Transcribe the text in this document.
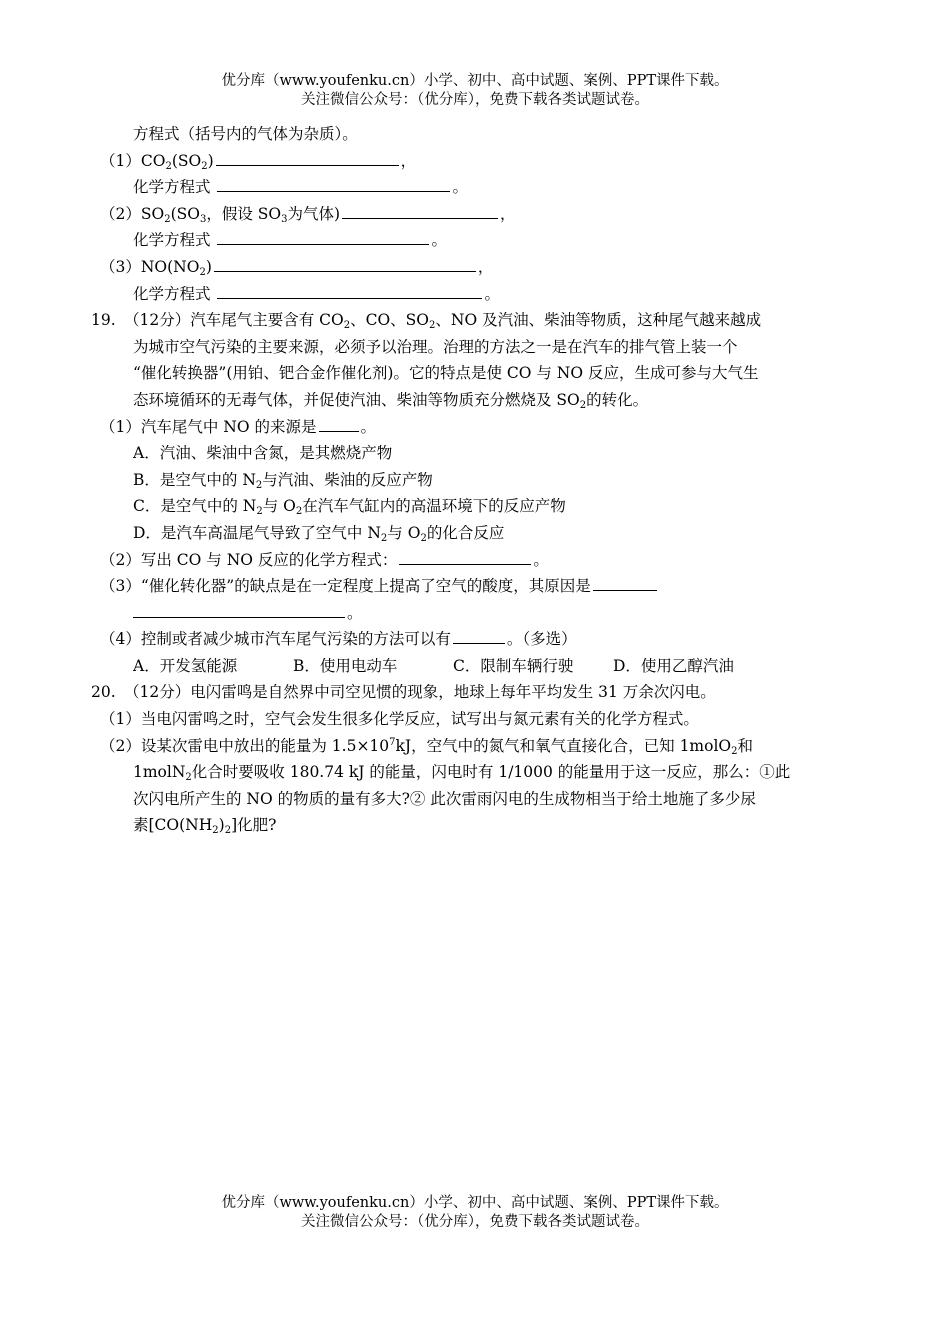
优分库（www.youfenku.cn）小学、初中、高中试题、案例、PPT课件下载。
关注微信公众号：（优分库），免费下载各类试题试卷。
方程式（括号内的气体为杂质）。
$(1)CO_2(SO_2)$	，
化学方程式	。
$(2)SO_2(SO_3$，假设 $SO_3$为气体)	，
化学方程式	。
$(3)NO(NO_2)$	，
化学方程式	。
19. （12分）汽车尾气主要含有 $CO_2$、CO、$SO_2$、NO 及汽油、柴油等物质，这种尾气越来越成
为城市空气污染的主要来源，必须予以治理。治理的方法之一是在汽车的排气管上装一个
“催化转换器”(用铂、钯合金作催化剂)。它的特点是使 CO 与 NO 反应，生成可参与大气生
态环境循环的无毒气体，并促使汽油、柴油等物质充分燃烧及 $SO_2$的转化。
（1）汽车尾气中 NO 的来源是	。
A．汽油、柴油中含氮，是其燃烧产物
B．是空气中的 $N_2$与汽油、柴油的反应产物
C．是空气中的 $N_2$与 $O_2$在汽车气缸内的高温环境下的反应产物
D．是汽车高温尾气导致了空气中 $N_2$与 $O_2$的化合反应
（2）写出 CO 与 NO 反应的化学方程式：	。
（3）“催化转化器”的缺点是在一定程度上提高了空气的酸度，其原因是
。
（4）控制或者减少城市汽车尾气污染的方法可以有	。（多选）
A．开发氢能源	B．使用电动车	C．限制车辆行驶	D．使用乙醇汽油
20. （12分）电闪雷鸣是自然界中司空见惯的现象，地球上每年平均发生 31 万余次闪电。
（1）当电闪雷鸣之时，空气会发生很多化学反应，试写出与氮元素有关的化学方程式。
（2）设某次雷电中放出的能量为 $1.5\times 10^7kJ$，空气中的氮气和氧气直接化合，已知 1molO$_2$和
1molN$_2$化合时要吸收 180.74 kJ 的能量，闪电时有 1/1000 的能量用于这一反应，那么：①此
次闪电所产生的 NO 的物质的量有多大?② 此次雷雨闪电的生成物相当于给土地施了多少尿
素$[CO(NH_2)_2]$化肥?
优分库（www.youfenku.cn）小学、初中、高中试题、案例、PPT课件下载。
关注微信公众号：（优分库），免费下载各类试题试卷。
